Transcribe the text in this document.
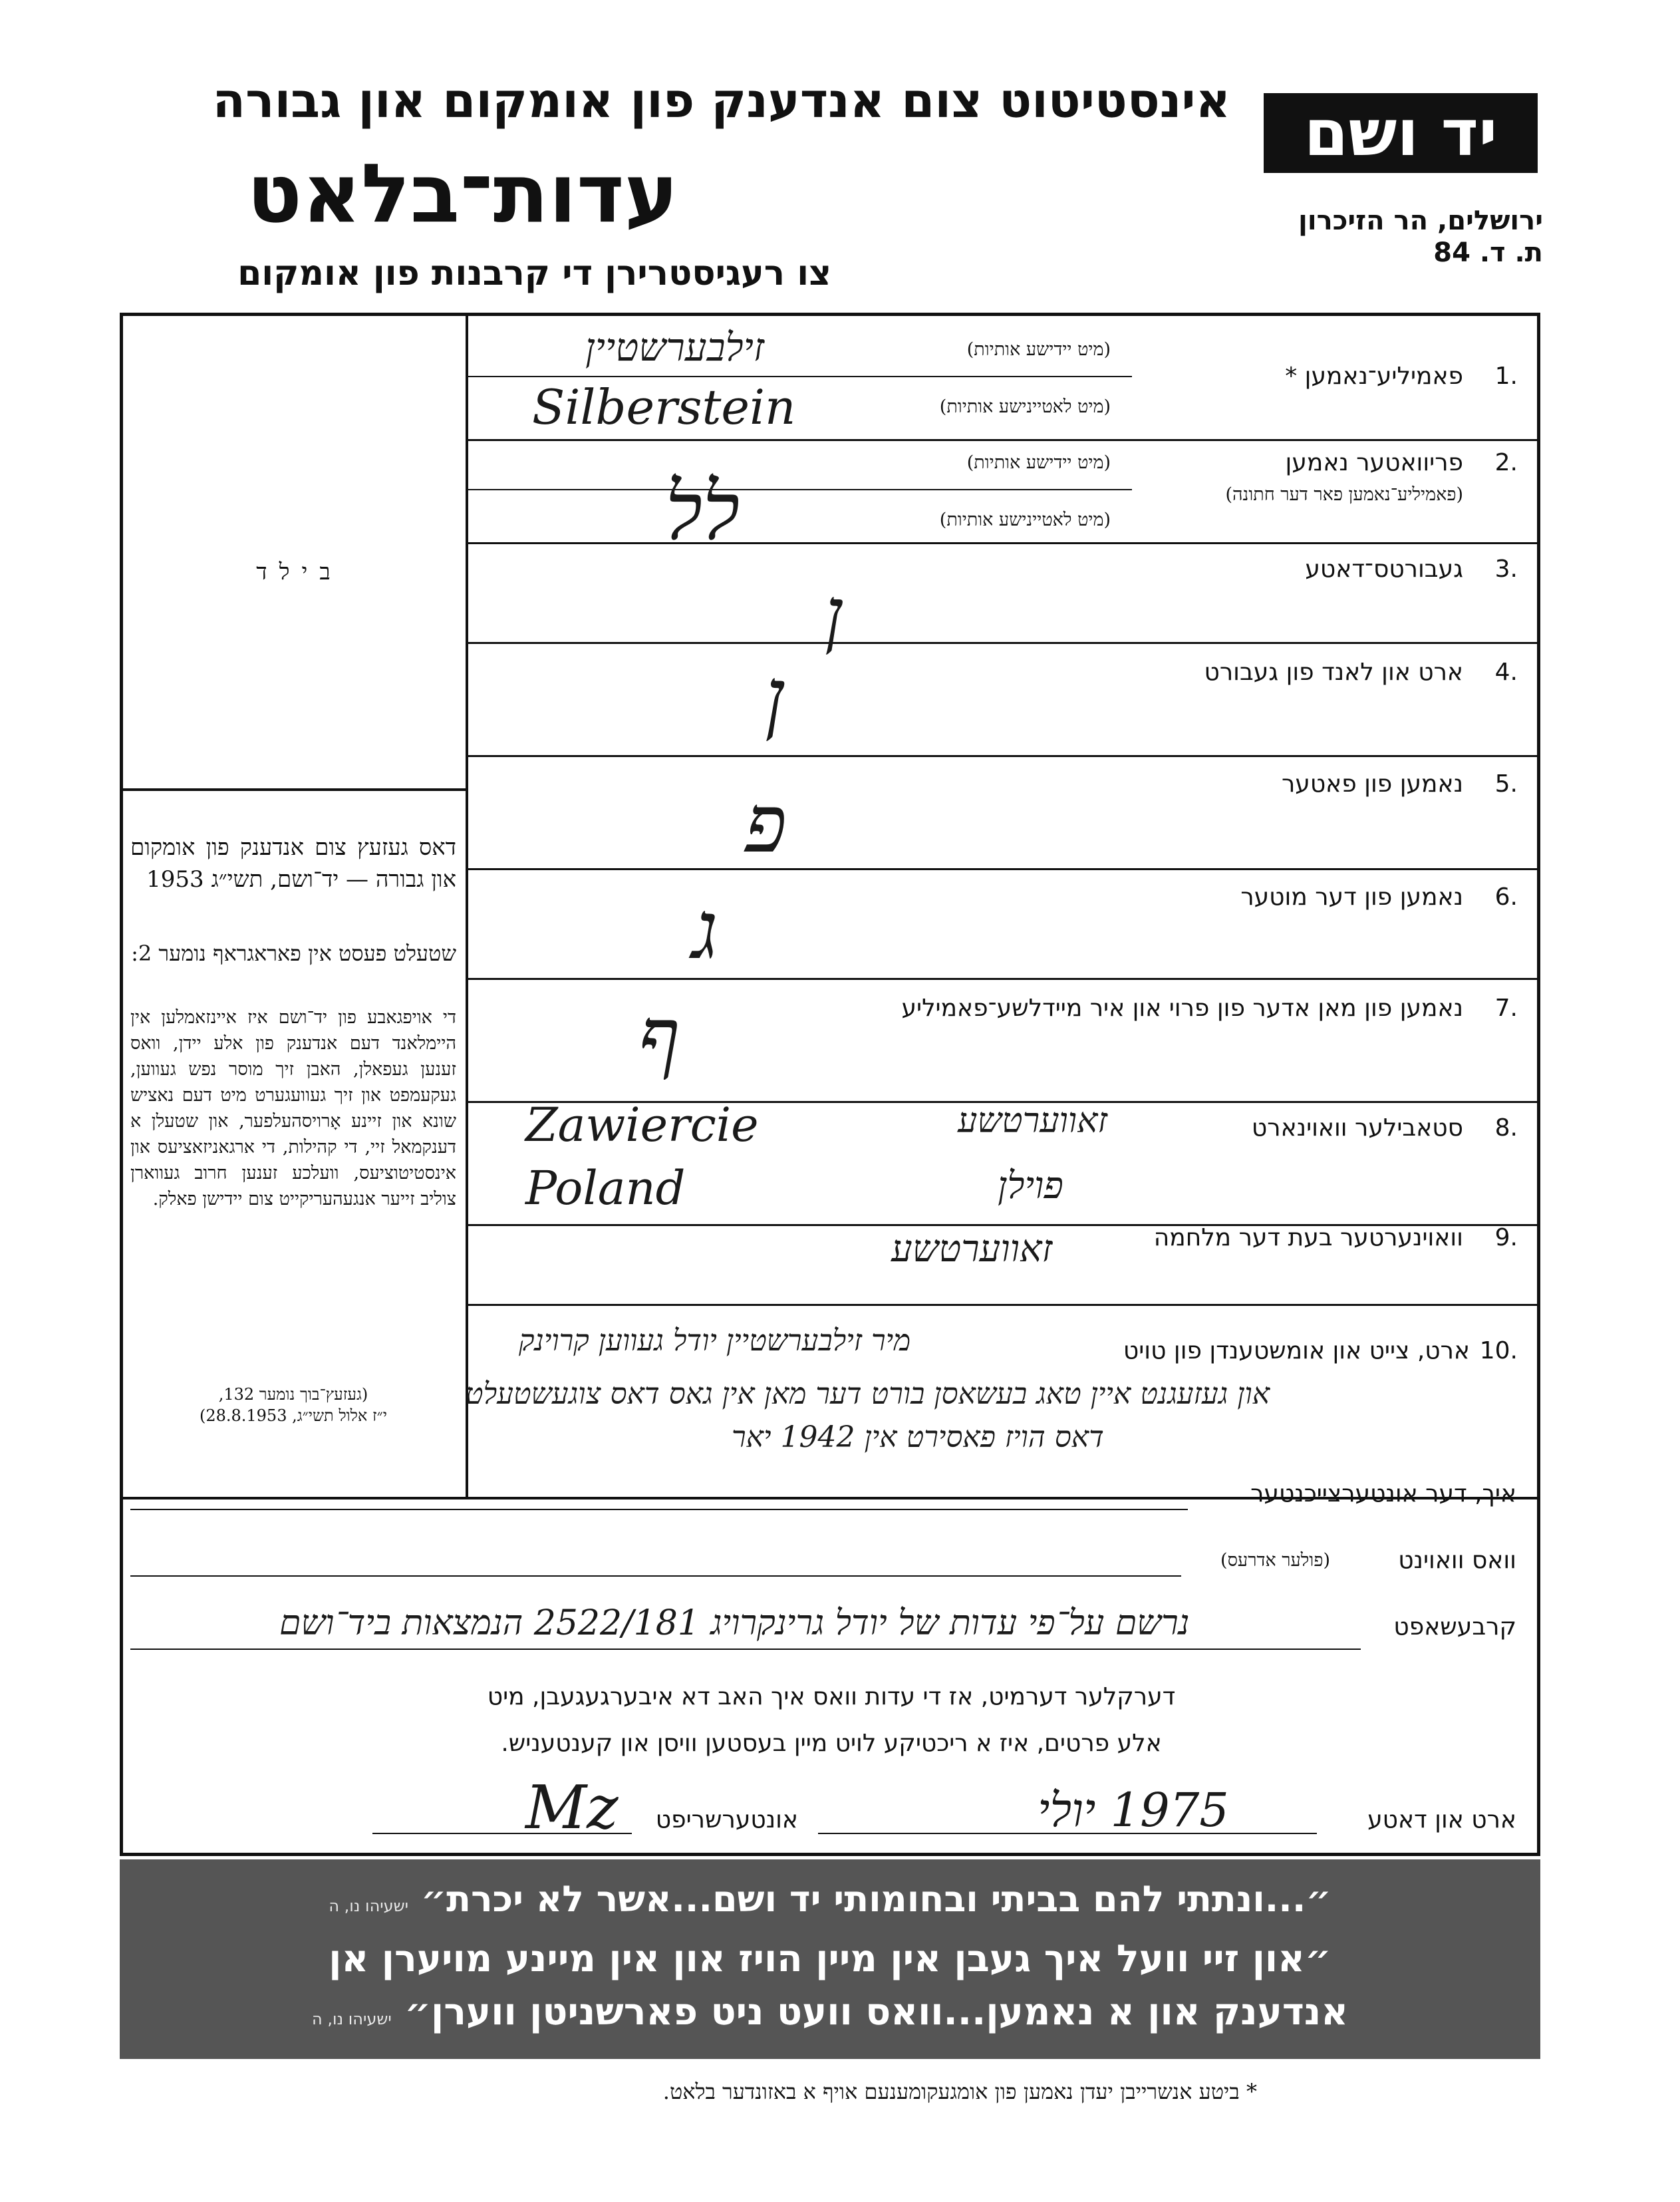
יד ושם
ירושלים, הר הזיכרון
ת. ד. 84
אינסטיטוט צום אנדענק פון אומקום און גבורה
עדות־בלאט
צו רעגיסטרירן די קרבנות פון אומקום
בילד
דאס געזעץ צום אנדענק פון אומקום און גבורה — יד־ושם, תשי״ג 1953
שטעלט פעסט אין פאראגראף נומער 2:
די אויפגאבע פון יד־ושם איז איינזאמלען אין היימלאנד דעם אנדענק פון אלע יידן, וואס זענען געפאלן, האבן זיך מוסר נפש געווען, געקעמפט און זיך געוועגערט מיט דעם נאציש שונא און זיינע אָרויסהעלפער, און שטעלן א דענקמאל זיי, די קהילות, די ארגאניזאציעס און אינסטיטוציעס, וועלכע זענען חרוב געווארן צוליב זייער אנגעהעריקייט צום יידישן פאלק.
(געזעץ־בוך נומער 132,
י״ז אלול תשי״ג, 28.8.1953)
1.
פאמיליע־נאמען *
(מיט יידישע אותיות)
(מיט לאטיינישע אותיות)
זילבערשטיין
Silberstein
2.
פריוואטער נאמען
(פאמיליע־נאמען פאר דער חתונה)
(מיט יידישע אותיות)
(מיט לאטיינישע אותיות)
לל
3.
געבורטס־דאטע
ן
4.
ארט און לאנד פון געבורט
ן
5.
נאמען פון פאטער
פ
6.
נאמען פון דער מוטער
ג
7.
נאמען פון מאן אדער פון פרוי און איר מיידלשע־פאמיליע
ף
8.
סטאבילער וואוינארט
Zawiercie	זאווערטשע
9.
וואוינערטער בעת דער מלחמה
Poland	פוילן
זאווערטשע
10.
ארט, צייט און אומשטענדן פון טויט
מיר זילבערשטיין יודל געווען קרוינק
און געזעגנט איין טאג בעשאסן בורט דער מאן אין גאס דאס צוגעשטעלט
דאס הויז פאסירט אין 1942 יאר
איך, דער אונטערצייכנטער
וואס וואוינט
(פולער אדרעס)
קרבעשאפט
נרשם על־פי עדות של יודל גרינקרויג 2522/181 הנמצאות ביד־ושם
דערקלער דערמיט, אז די עדות וואס איך האב דא איבערגעגעבן, מיט
אלע פרטים, איז א ריכטיקע לויט מיין בעסטען וויסן און קענטעניש.
ארט און דאטע
1975 יולי
אונטערשריפט
Mz
״...ונתתי להם בביתי ובחומותי יד ושם...אשר לא יכרת״ ישעיהו נו, ה
״און זיי וועל איך געבן אין מיין הויז און אין מיינע מויערן אן
אנדענק און א נאמען...וואס וועט ניט פארשניטן ווערן״ ישעיהו נו, ה
* ביטע אנשרייבן יעדן נאמען פון אומגעקומענעם אויף א באזונדער בלאט.
